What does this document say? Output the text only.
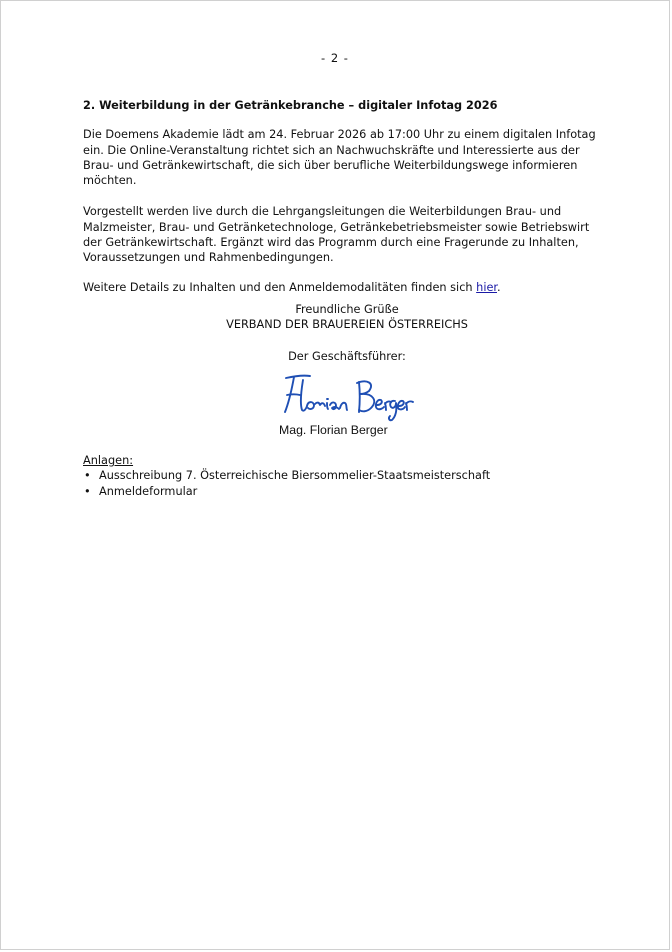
- 2 -

2. Weiterbildung in der Getränkebranche – digitaler Infotag 2026

Die Doemens Akademie lädt am 24. Februar 2026 ab 17:00 Uhr zu einem digitalen Infotag ein. Die Online-Veranstaltung richtet sich an Nachwuchskräfte und Interessierte aus der Brau- und Getränkewirtschaft, die sich über berufliche Weiterbildungswege informieren möchten.

Vorgestellt werden live durch die Lehrgangsleitungen die Weiterbildungen Brau- und Malzmeister, Brau- und Getränketechnologe, Getränkebetriebsmeister sowie Betriebswirt der Getränkewirtschaft. Ergänzt wird das Programm durch eine Fragerunde zu Inhalten, Voraussetzungen und Rahmenbedingungen.

Weitere Details zu Inhalten und den Anmeldemodalitäten finden sich hier.

Freundliche Grüße

VERBAND DER BRAUEREIEN ÖSTERREICHS

Der Geschäftsführer:

Mag. Florian Berger
Anlagen:
• Ausschreibung 7. Österreichische Biersommelier-Staatsmeisterschaft
• Anmeldeformular
